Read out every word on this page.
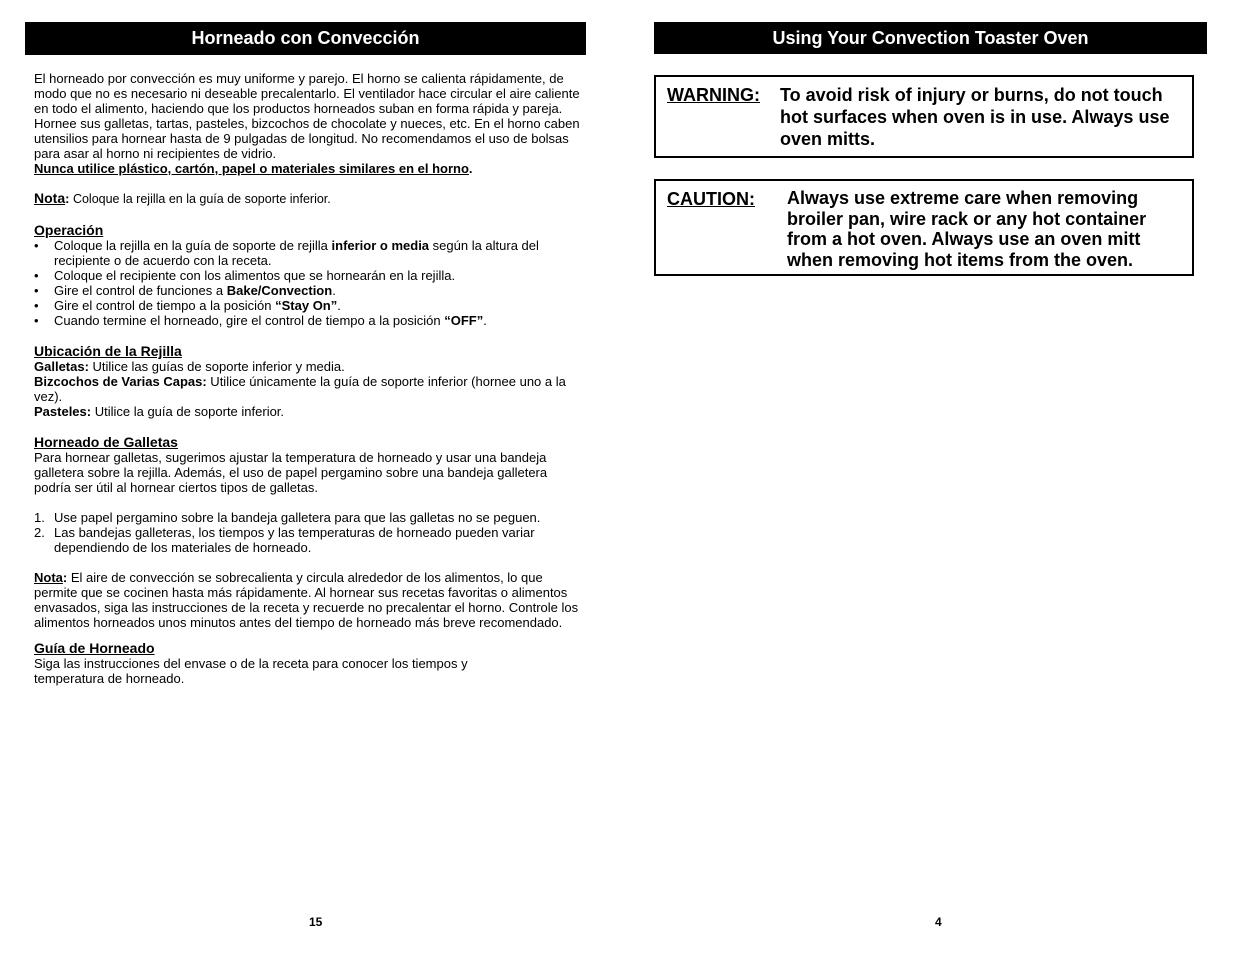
Horneado con Convección

El horneado por convección es muy uniforme y parejo. El horno se calienta rápidamente, de modo que no es necesario ni deseable precalentarlo. El ventilador hace circular el aire caliente en todo el alimento, haciendo que los productos horneados suban en forma rápida y pareja.

Hornee sus galletas, tartas, pasteles, bizcochos de chocolate y nueces, etc. En el horno caben utensilios para hornear hasta de 9 pulgadas de longitud. No recomendamos el uso de bolsas para asar al horno ni recipientes de vidrio.

Nunca utilice plástico, cartón, papel o materiales similares en el horno.

Nota: Coloque la rejilla en la guía de soporte inferior.

Operación

• Coloque la rejilla en la guía de soporte de rejilla inferior o media según la altura del recipiente o de acuerdo con la receta.
• Coloque el recipiente con los alimentos que se hornearán en la rejilla.
• Gire el control de funciones a Bake/Convection.
• Gire el control de tiempo a la posición “Stay On”.
• Cuando termine el horneado, gire el control de tiempo a la posición “OFF”.

Ubicación de la Rejilla

Galletas: Utilice las guías de soporte inferior y media.

Bizcochos de Varias Capas: Utilice únicamente la guía de soporte inferior (hornee uno a la vez).

Pasteles: Utilice la guía de soporte inferior.

Horneado de Galletas

Para hornear galletas, sugerimos ajustar la temperatura de horneado y usar una bandeja galletera sobre la rejilla. Además, el uso de papel pergamino sobre una bandeja galletera podría ser útil al hornear ciertos tipos de galletas.

1. Use papel pergamino sobre la bandeja galletera para que las galletas no se peguen.
2. Las bandejas galleteras, los tiempos y las temperaturas de horneado pueden variar dependiendo de los materiales de horneado.

Nota: El aire de convección se sobrecalienta y circula alrededor de los alimentos, lo que permite que se cocinen hasta más rápidamente. Al hornear sus recetas favoritas o alimentos envasados, siga las instrucciones de la receta y recuerde no precalentar el horno. Controle los alimentos horneados unos minutos antes del tiempo de horneado más breve recomendado.

Guía de Horneado

Siga las instrucciones del envase o de la receta para conocer los tiempos y temperatura de horneado.

15
Using Your Convection Toaster Oven
WARNING: To avoid risk of injury or burns, do not touch hot surfaces when oven is in use. Always use oven mitts.
CAUTION: Always use extreme care when removing broiler pan, wire rack or any hot container from a hot oven. Always use an oven mitt when removing hot items from the oven.
4
